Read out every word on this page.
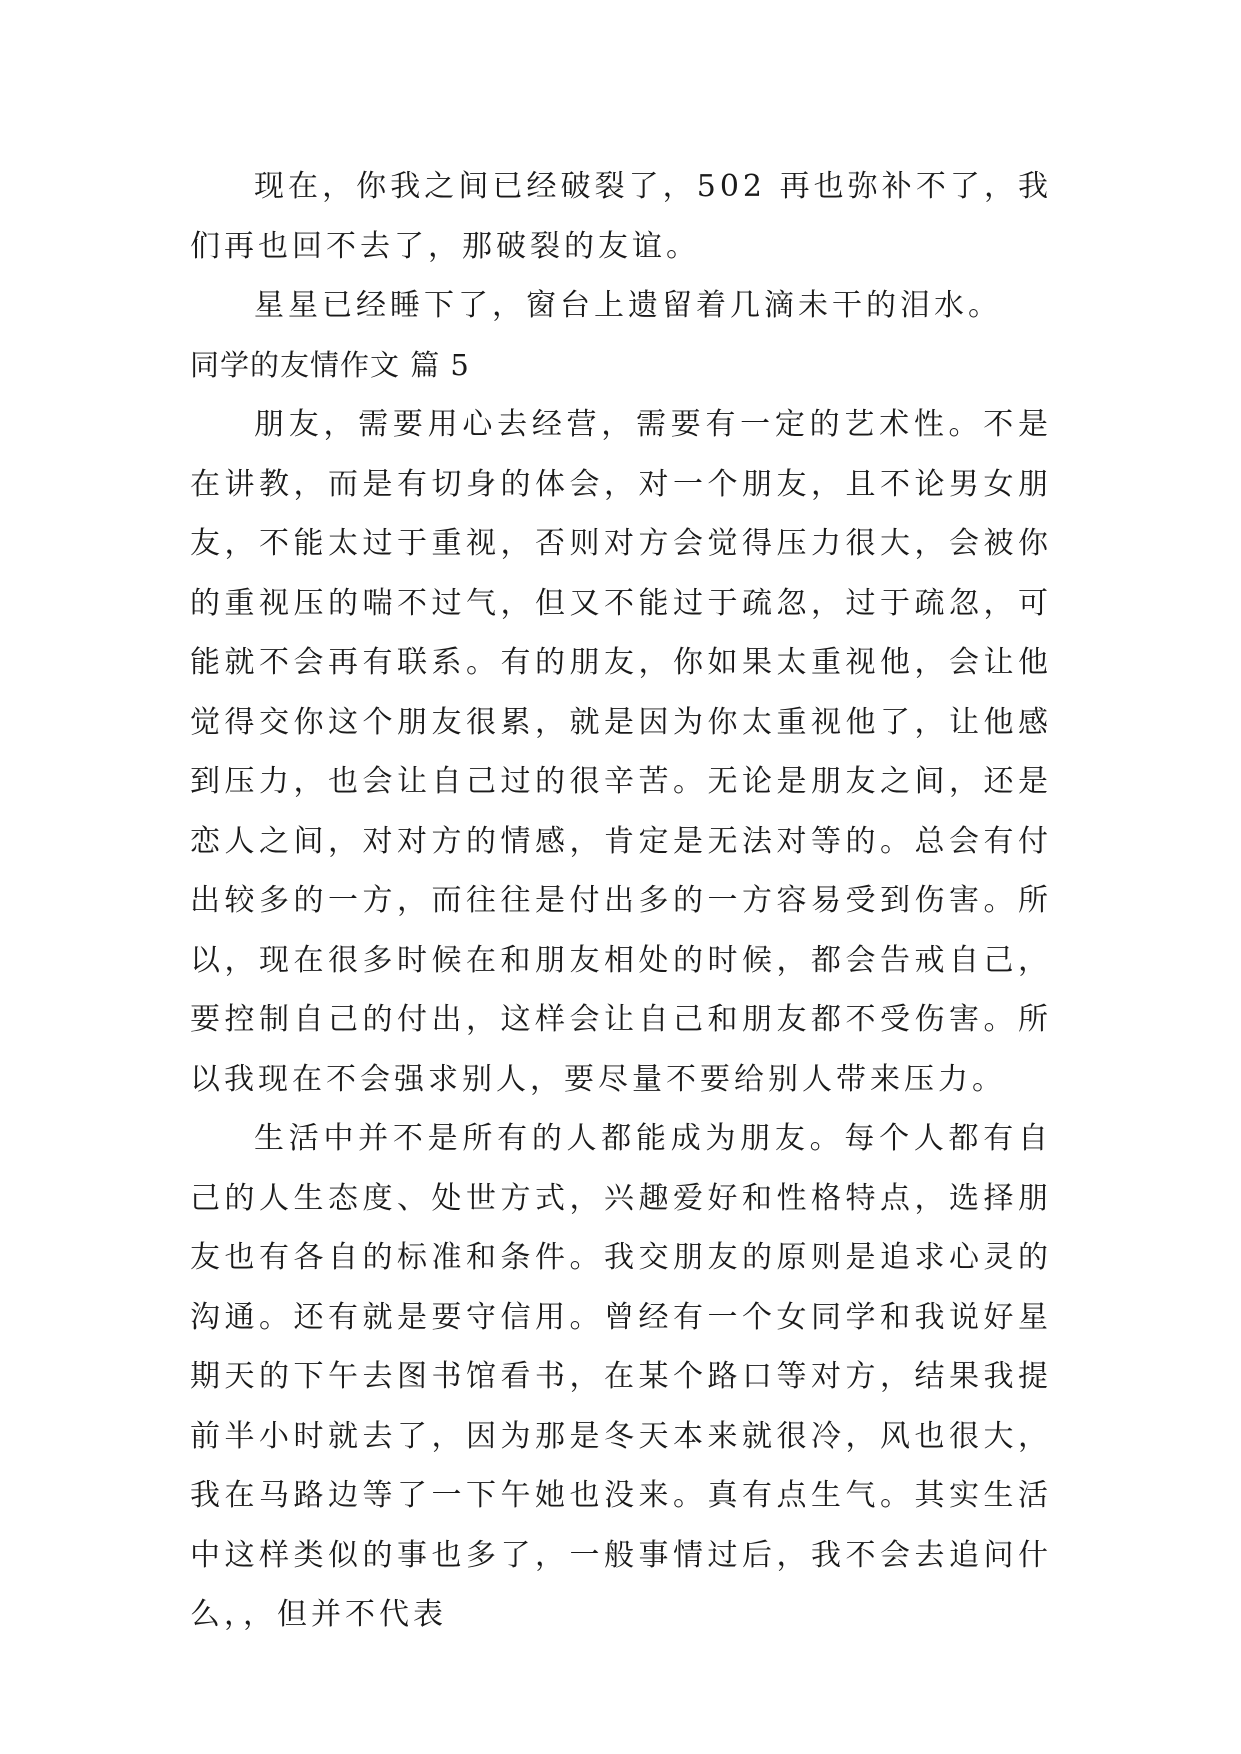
现在，你我之间已经破裂了，502 再也弥补不了，我们再也回不去了，那破裂的友谊。

星星已经睡下了，窗台上遗留着几滴未干的泪水。

同学的友情作文 篇 5

朋友，需要用心去经营，需要有一定的艺术性。不是在讲教，而是有切身的体会，对一个朋友，且不论男女朋友，不能太过于重视，否则对方会觉得压力很大，会被你的重视压的喘不过气，但又不能过于疏忽，过于疏忽，可能就不会再有联系。有的朋友，你如果太重视他，会让他觉得交你这个朋友很累，就是因为你太重视他了，让他感到压力，也会让自己过的很辛苦。无论是朋友之间，还是恋人之间，对对方的情感，肯定是无法对等的。总会有付出较多的一方，而往往是付出多的一方容易受到伤害。所以，现在很多时候在和朋友相处的时候，都会告戒自己，要控制自己的付出，这样会让自己和朋友都不受伤害。所以我现在不会强求别人，要尽量不要给别人带来压力。

生活中并不是所有的人都能成为朋友。每个人都有自己的人生态度、处世方式，兴趣爱好和性格特点，选择朋友也有各自的标准和条件。我交朋友的原则是追求心灵的沟通。还有就是要守信用。曾经有一个女同学和我说好星期天的下午去图书馆看书，在某个路口等对方，结果我提前半小时就去了，因为那是冬天本来就很冷，风也很大，我在马路边等了一下午她也没来。真有点生气。其实生活中这样类似的事也多了，一般事情过后，我不会去追问什么，，但并不代表
